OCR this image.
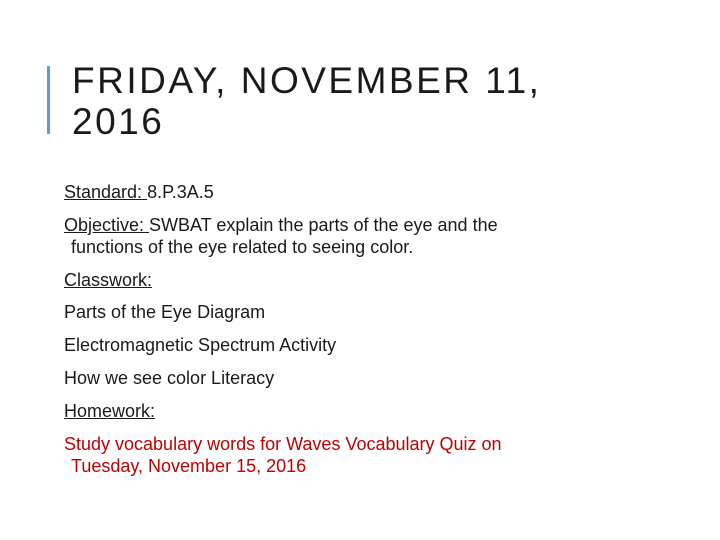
FRIDAY, NOVEMBER 11,
2016
Standard: 8.P.3A.5
Objective: SWBAT explain the parts of the eye and the
functions of the eye related to seeing color.
Classwork:
Parts of the Eye Diagram
Electromagnetic Spectrum Activity
How we see color Literacy
Homework:
Study vocabulary words for Waves Vocabulary Quiz on
Tuesday, November 15, 2016
